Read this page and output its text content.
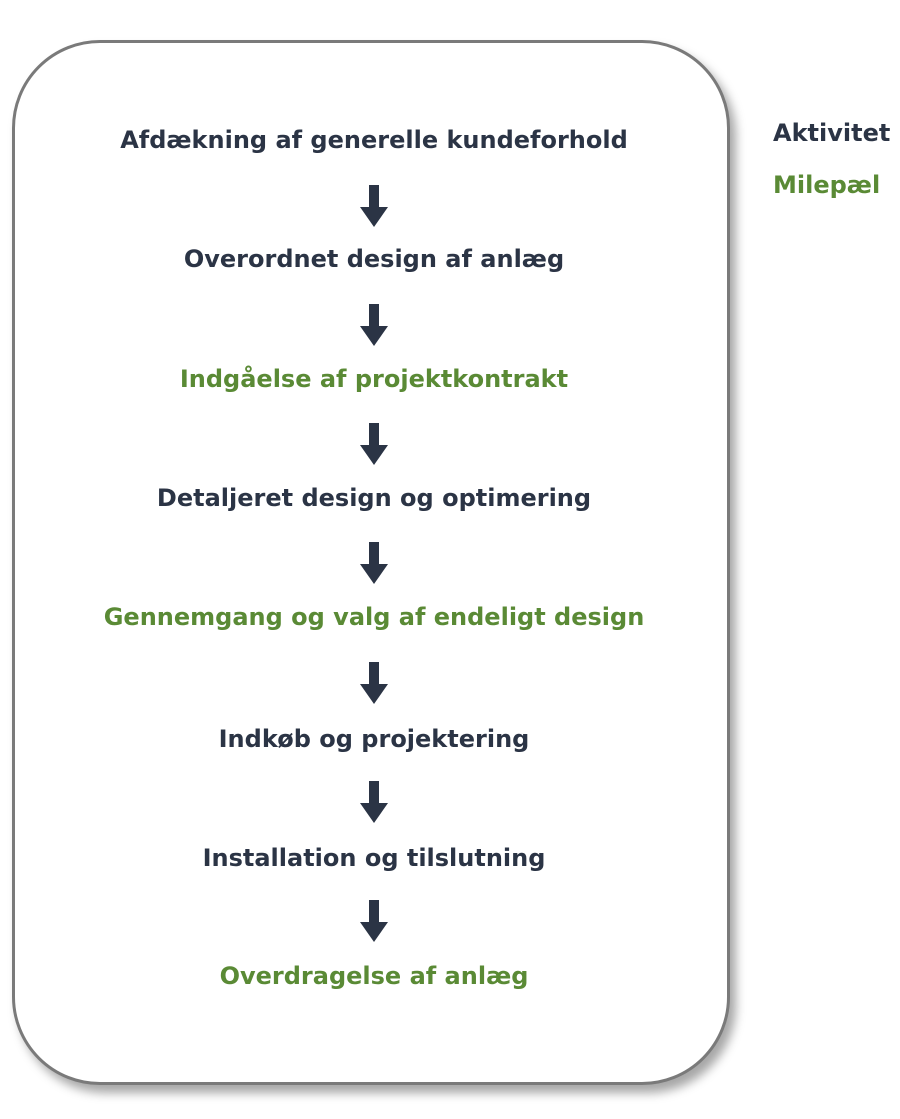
Afdækning af generelle kundeforhold
Overordnet design af anlæg
Indgåelse af projektkontrakt
Detaljeret design og optimering
Gennemgang og valg af endeligt design
Indkøb og projektering
Installation og tilslutning
Overdragelse af anlæg
Aktivitet
Milepæl
